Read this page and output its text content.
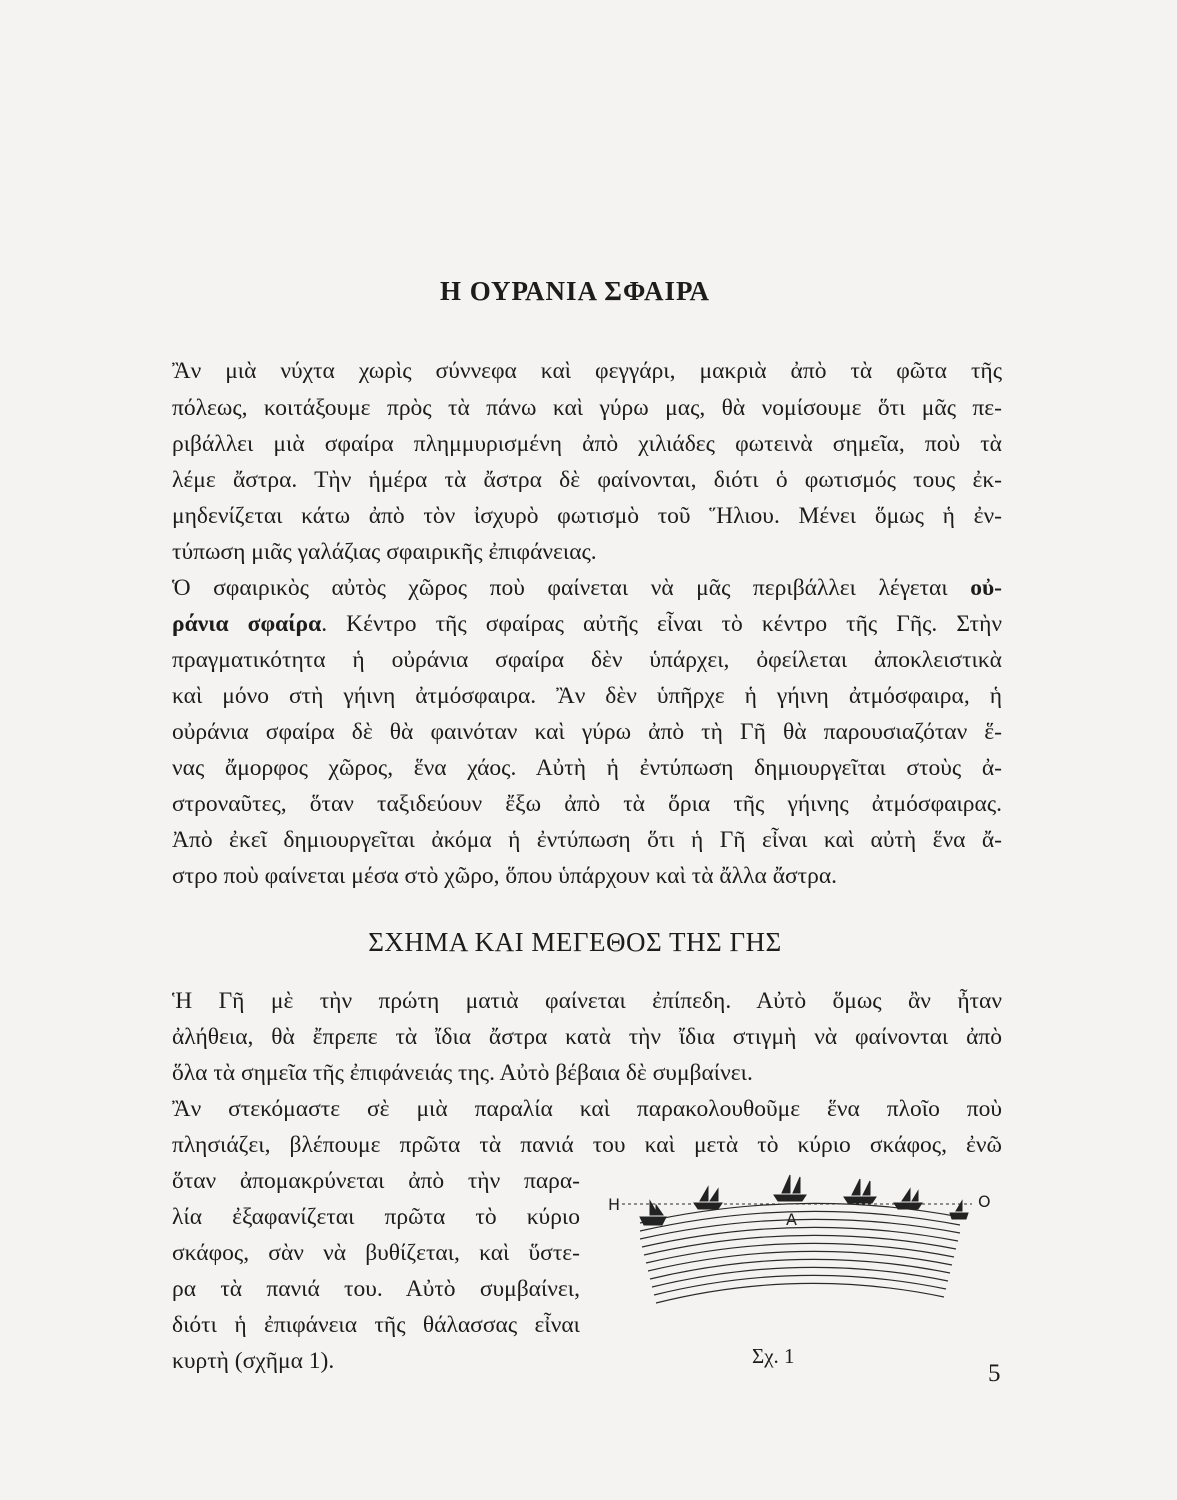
Η ΟΥΡΑΝΙΑ ΣΦΑΙΡΑ

Ἂν μιὰ νύχτα χωρὶς σύννεφα καὶ φεγγάρι, μακριὰ ἀπὸ τὰ φῶτα τῆς

πόλεως, κοιτάξουμε πρὸς τὰ πάνω καὶ γύρω μας, θὰ νομίσουμε ὅτι μᾶς πε-

ριβάλλει μιὰ σφαίρα πλημμυρισμένη ἀπὸ χιλιάδες φωτεινὰ σημεῖα, ποὺ τὰ

λέμε ἄστρα. Τὴν ἡμέρα τὰ ἄστρα δὲ φαίνονται, διότι ὁ φωτισμός τους ἐκ-

μηδενίζεται κάτω ἀπὸ τὸν ἰσχυρὸ φωτισμὸ τοῦ Ἥλιου. Μένει ὅμως ἡ ἐν-

τύπωση μιᾶς γαλάζιας σφαιρικῆς ἐπιφάνειας.

Ὁ σφαιρικὸς αὐτὸς χῶρος ποὺ φαίνεται νὰ μᾶς περιβάλλει λέγεται οὐ-

ράνια σφαίρα. Κέντρο τῆς σφαίρας αὐτῆς εἶναι τὸ κέντρο τῆς Γῆς. Στὴν

πραγματικότητα ἡ οὐράνια σφαίρα δὲν ὑπάρχει, ὀφείλεται ἀποκλειστικὰ

καὶ μόνο στὴ γήινη ἀτμόσφαιρα. Ἂν δὲν ὑπῆρχε ἡ γήινη ἀτμόσφαιρα, ἡ

οὐράνια σφαίρα δὲ θὰ φαινόταν καὶ γύρω ἀπὸ τὴ Γῆ θὰ παρουσιαζόταν ἕ-

νας ἄμορφος χῶρος, ἕνα χάος. Αὐτὴ ἡ ἐντύπωση δημιουργεῖται στοὺς ἀ-

στροναῦτες, ὅταν ταξιδεύουν ἔξω ἀπὸ τὰ ὅρια τῆς γήινης ἀτμόσφαιρας.

Ἀπὸ ἐκεῖ δημιουργεῖται ἀκόμα ἡ ἐντύπωση ὅτι ἡ Γῆ εἶναι καὶ αὐτὴ ἕνα ἄ-

στρο ποὺ φαίνεται μέσα στὸ χῶρο, ὅπου ὑπάρχουν καὶ τὰ ἄλλα ἄστρα.

ΣΧΗΜΑ ΚΑΙ ΜΕΓΕΘΟΣ ΤΗΣ ΓΗΣ

Ἡ Γῆ μὲ τὴν πρώτη ματιὰ φαίνεται ἐπίπεδη. Αὐτὸ ὅμως ἂν ἦταν

ἀλήθεια, θὰ ἔπρεπε τὰ ἴδια ἄστρα κατὰ τὴν ἴδια στιγμὴ νὰ φαίνονται ἀπὸ

ὅλα τὰ σημεῖα τῆς ἐπιφάνειάς της. Αὐτὸ βέβαια δὲ συμβαίνει.

Ἂν στεκόμαστε σὲ μιὰ παραλία καὶ παρακολουθοῦμε ἕνα πλοῖο ποὺ

πλησιάζει, βλέπουμε πρῶτα τὰ πανιά του καὶ μετὰ τὸ κύριο σκάφος, ἐνῶ

ὅταν ἀπομακρύνεται ἀπὸ τὴν παρα-

λία ἐξαφανίζεται πρῶτα τὸ κύριο

σκάφος, σὰν νὰ βυθίζεται, καὶ ὕστε-

ρα τὰ πανιά του. Αὐτὸ συμβαίνει,

διότι ἡ ἐπιφάνεια τῆς θάλασσας εἶναι

κυρτὴ (σχῆμα 1).

H	O
A

Σχ. 1

5
